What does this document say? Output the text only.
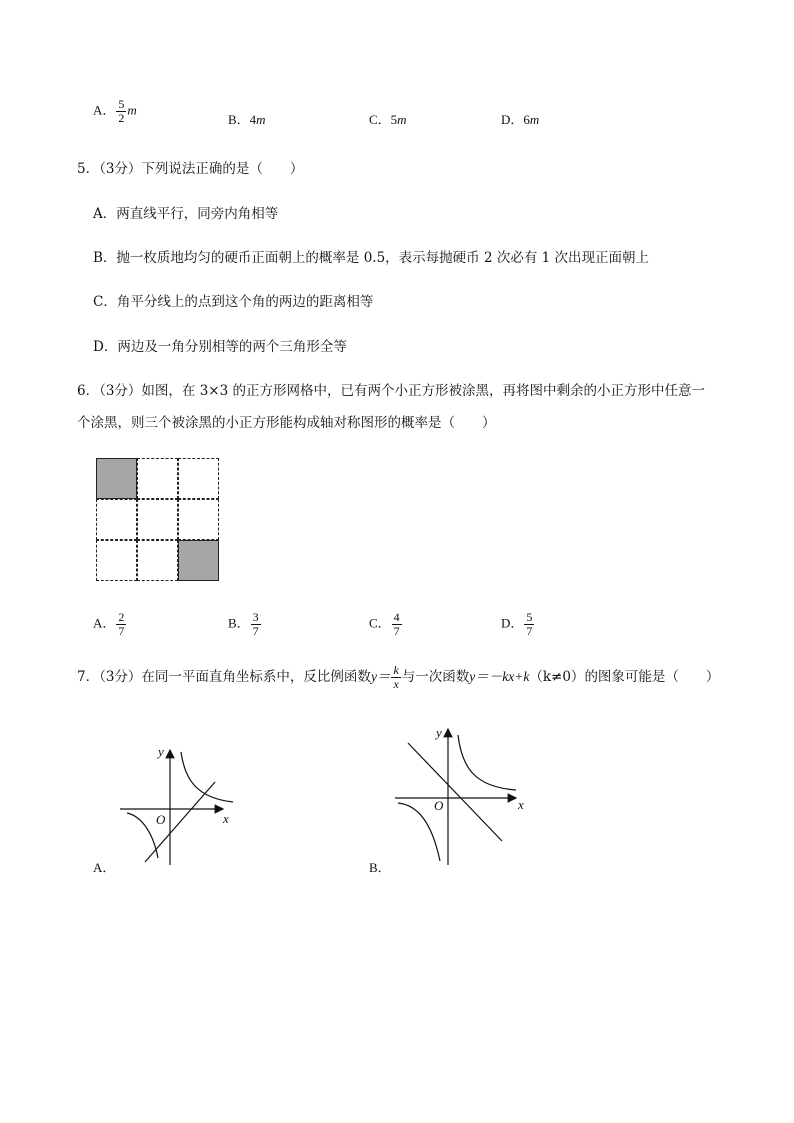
A． $\frac{5}{2}$ m
B．4m	C．5m	D．6m
5．（3分）下列说法正确的是（　　）
A．两直线平行，同旁内角相等
B．抛一枚质地均匀的硬币正面朝上的概率是 0.5，表示每抛硬币 2 次必有 1 次出现正面朝上
C．角平分线上的点到这个角的两边的距离相等
D．两边及一角分别相等的两个三角形全等
6．（3分）如图，在 3×3 的正方形网格中，已有两个小正方形被涂黑，再将图中剩余的小正方形中任意一
个涂黑，则三个被涂黑的小正方形能构成轴对称图形的概率是（　　）
A． $\frac{2}{7}$	B． $\frac{3}{7}$	C． $\frac{4}{7}$	D． $\frac{5}{7}$
7．（3分）在同一平面直角坐标系中，反比例函数$y= \frac{k}{x}$ 与一次函数y＝－kx+k（k≠0）的图象可能是（　　）
y
x
O
A．
y
x
O
B．
